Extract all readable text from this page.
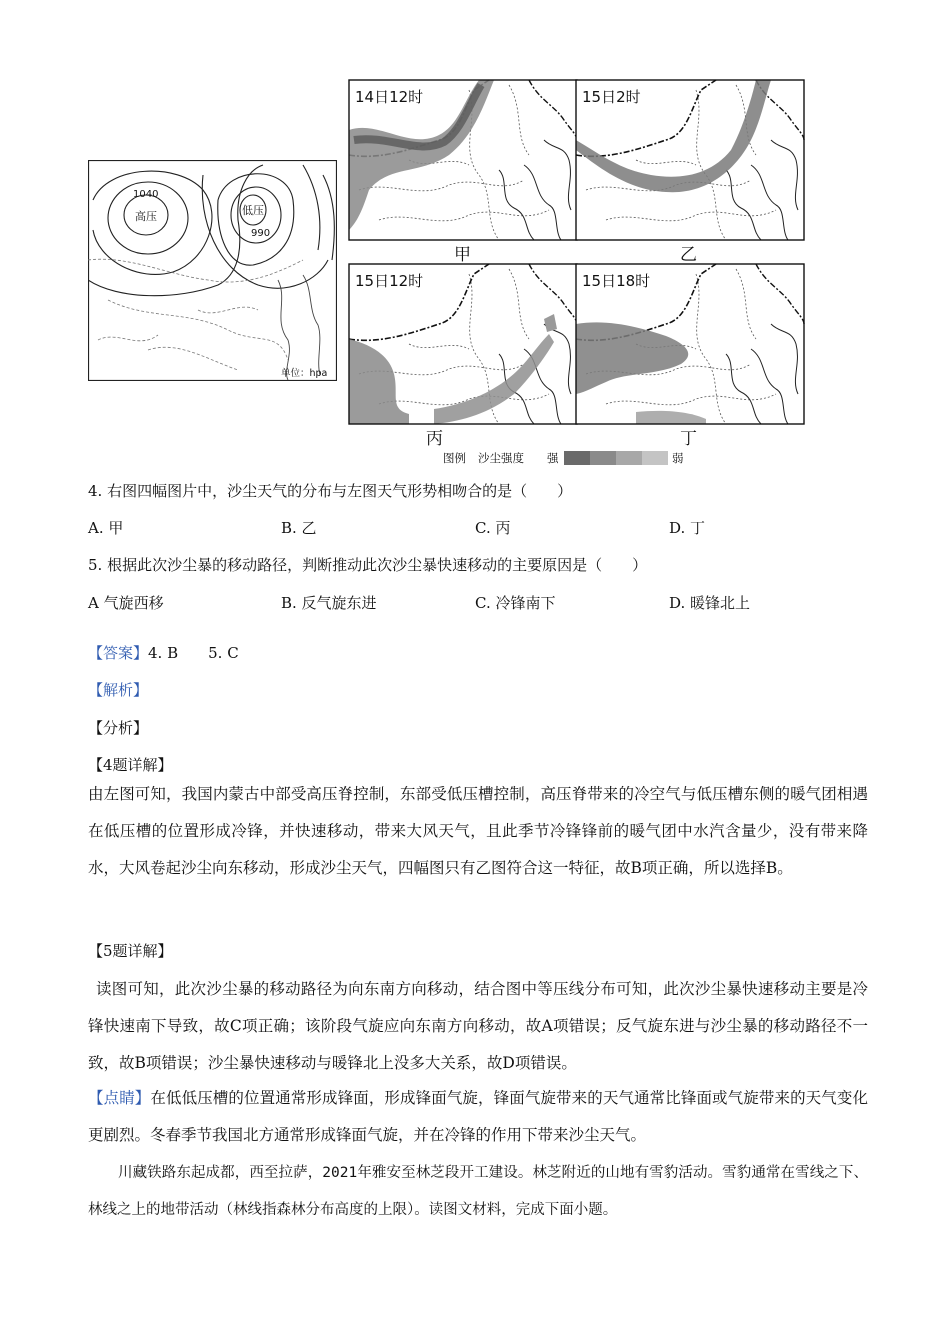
1040
高压	低压
990
单位：hpa
14日12时	15日2时
15日12时	15日18时
甲	乙
丙	丁
图例 沙尘强度 强	弱
4. 右图四幅图片中，沙尘天气的分布与左图天气形势相吻合的是（　　）
A. 甲	B. 乙	C. 丙	D. 丁
5. 根据此次沙尘暴的移动路径，判断推动此次沙尘暴快速移动的主要原因是（　　）
A 气旋西移	B. 反气旋东进	C. 冷锋南下	D. 暖锋北上
【答案】4. B　　5. C
【解析】
【分析】
【4题详解】
由左图可知，我国内蒙古中部受高压脊控制，东部受低压槽控制，高压脊带来的冷空气与低压槽东侧的暖气团相遇在低压槽的位置形成冷锋，并快速移动，带来大风天气，且此季节冷锋锋前的暖气团中水汽含量少，没有带来降水，大风卷起沙尘向东移动，形成沙尘天气，四幅图只有乙图符合这一特征，故B项正确，所以选择B。
【5题详解】
读图可知，此次沙尘暴的移动路径为向东南方向移动，结合图中等压线分布可知，此次沙尘暴快速移动主要是冷锋快速南下导致，故C项正确；该阶段气旋应向东南方向移动，故A项错误；反气旋东进与沙尘暴的移动路径不一致，故B项错误；沙尘暴快速移动与暖锋北上没多大关系，故D项错误。
【点睛】在低低压槽的位置通常形成锋面，形成锋面气旋，锋面气旋带来的天气通常比锋面或气旋带来的天气变化更剧烈。冬春季节我国北方通常形成锋面气旋，并在冷锋的作用下带来沙尘天气。
川藏铁路东起成都，西至拉萨，2021年雅安至林芝段开工建设。林芝附近的山地有雪豹活动。雪豹通常在雪线之下、林线之上的地带活动（林线指森林分布高度的上限）。读图文材料，完成下面小题。
